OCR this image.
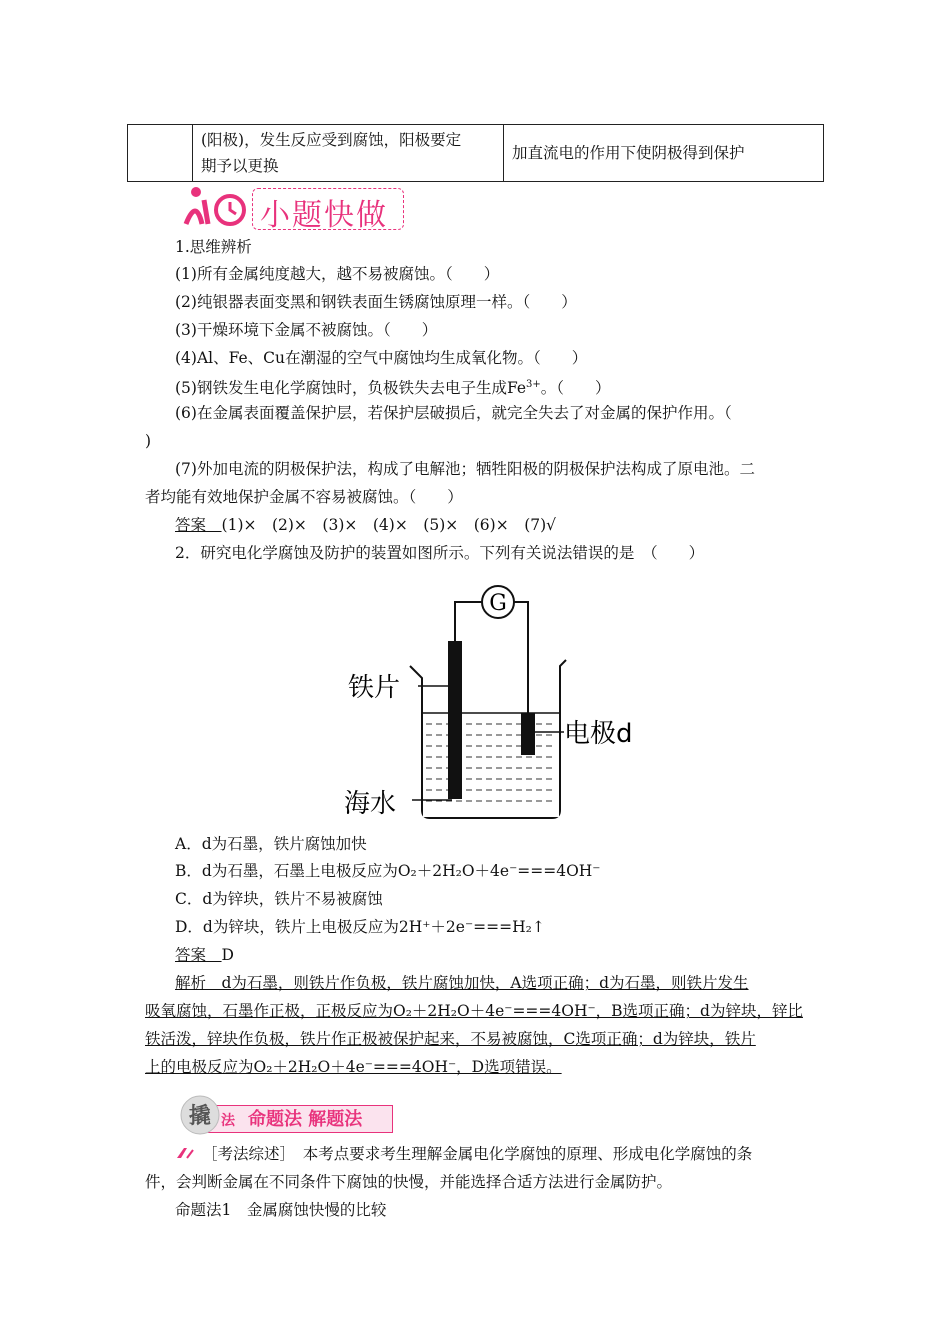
(阳极)，发生反应受到腐蚀，阳极要定
期予以更换
	加直流电的作用下使阴极得到保护
小题快做
1.思维辨析
(1)所有金属纯度越大，越不易被腐蚀。（　　）
(2)纯银器表面变黑和钢铁表面生锈腐蚀原理一样。（　　）
(3)干燥环境下金属不被腐蚀。（　　）
(4)Al、Fe、Cu在潮湿的空气中腐蚀均生成氧化物。（　　）
(5)钢铁发生电化学腐蚀时，负极铁失去电子生成$Fe^{3+}$。（　　）
(6)在金属表面覆盖保护层，若保护层破损后，就完全失去了对金属的保护作用。（
)
(7)外加电流的阴极保护法，构成了电解池；牺牲阳极的阴极保护法构成了原电池。二
者均能有效地保护金属不容易被腐蚀。（　　）
答案　 (1)×　(2)×　(3)×　(4)×　(5)×　(6)×　(7)√
2．研究电化学腐蚀及防护的装置如图所示。下列有关说法错误的是　（　　）
G
铁片
电极d
海水
A．d为石墨，铁片腐蚀加快
B．d为石墨，石墨上电极反应为O₂＋2H₂O＋4e⁻===4OH⁻
C．d为锌块，铁片不易被腐蚀
D．d为锌块，铁片上电极反应为2H⁺＋2e⁻===H₂↑
答案　 D
解析　d为石墨，则铁片作负极，铁片腐蚀加快，A选项正确；d为石墨，则铁片发生
吸氧腐蚀，石墨作正极，正极反应为O₂＋2H₂O＋4e⁻===4OH⁻，B选项正确；d为锌块，锌比
铁活泼，锌块作负极，铁片作正极被保护起来，不易被腐蚀，C选项正确；d为锌块，铁片
上的电极反应为O₂＋2H₂O＋4e⁻===4OH⁻，D选项错误。
撬 法 命题法 解题法
［考法综述］　本考点要求考生理解金属电化学腐蚀的原理、形成电化学腐蚀的条
件，会判断金属在不同条件下腐蚀的快慢，并能选择合适方法进行金属防护。
命题法1　金属腐蚀快慢的比较
